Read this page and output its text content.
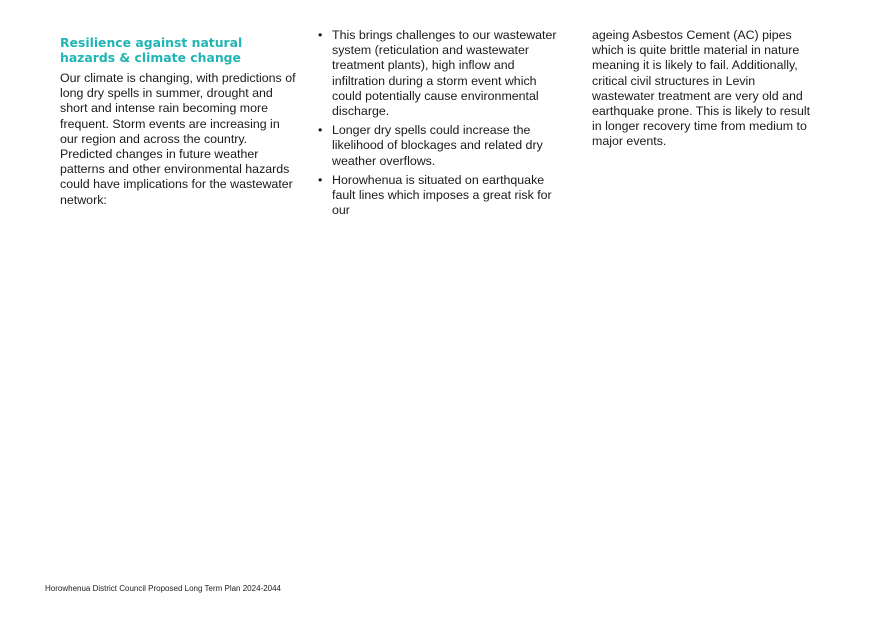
Resilience against natural hazards & climate change

Our climate is changing, with predictions of long dry spells in summer, drought and short and intense rain becoming more frequent. Storm events are increasing in our region and across the country. Predicted changes in future weather patterns and other environmental hazards could have implications for the wastewater network:

• This brings challenges to our wastewater system (reticulation and wastewater treatment plants), high inflow and infiltration during a storm event which could potentially cause environmental discharge.
• Longer dry spells could increase the likelihood of blockages and related dry weather overflows.
• Horowhenua is situated on earthquake fault lines which imposes a great risk for our

ageing Asbestos Cement (AC) pipes which is quite brittle material in nature meaning it is likely to fail. Additionally, critical civil structures in Levin wastewater treatment are very old and earthquake prone. This is likely to result in longer recovery time from medium to major events.

Horowhenua District Council Proposed Long Term Plan 2024-2044
